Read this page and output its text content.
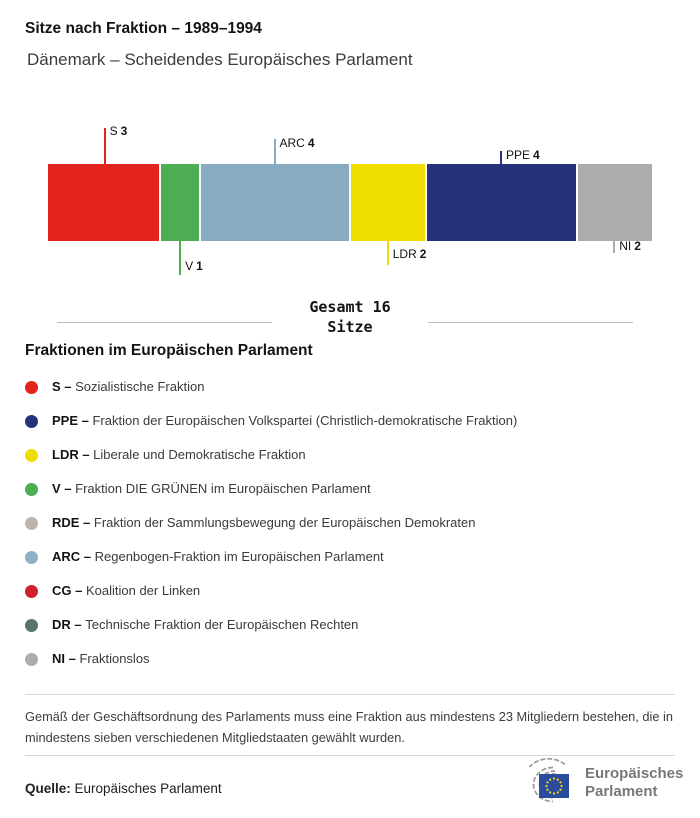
Sitze nach Fraktion – 1989–1994
Dänemark – Scheidendes Europäisches Parlament
S 3
V 1
ARC 4
LDR 2
PPE 4
NI 2
Gesamt 16
Sitze
Fraktionen im Europäischen Parlament
S – Sozialistische Fraktion
PPE – Fraktion der Europäischen Volkspartei (Christlich-demokratische Fraktion)
LDR – Liberale und Demokratische Fraktion
V – Fraktion DIE GRÜNEN im Europäischen Parlament
RDE – Fraktion der Sammlungsbewegung der Europäischen Demokraten
ARC – Regenbogen-Fraktion im Europäischen Parlament
CG – Koalition der Linken
DR – Technische Fraktion der Europäischen Rechten
NI – Fraktionslos
Gemäß der Geschäftsordnung des Parlaments muss eine Fraktion aus mindestens 23 Mitgliedern bestehen, die in mindestens sieben verschiedenen Mitgliedstaaten gewählt wurden.
Quelle: Europäisches Parlament
Europäisches
Parlament
